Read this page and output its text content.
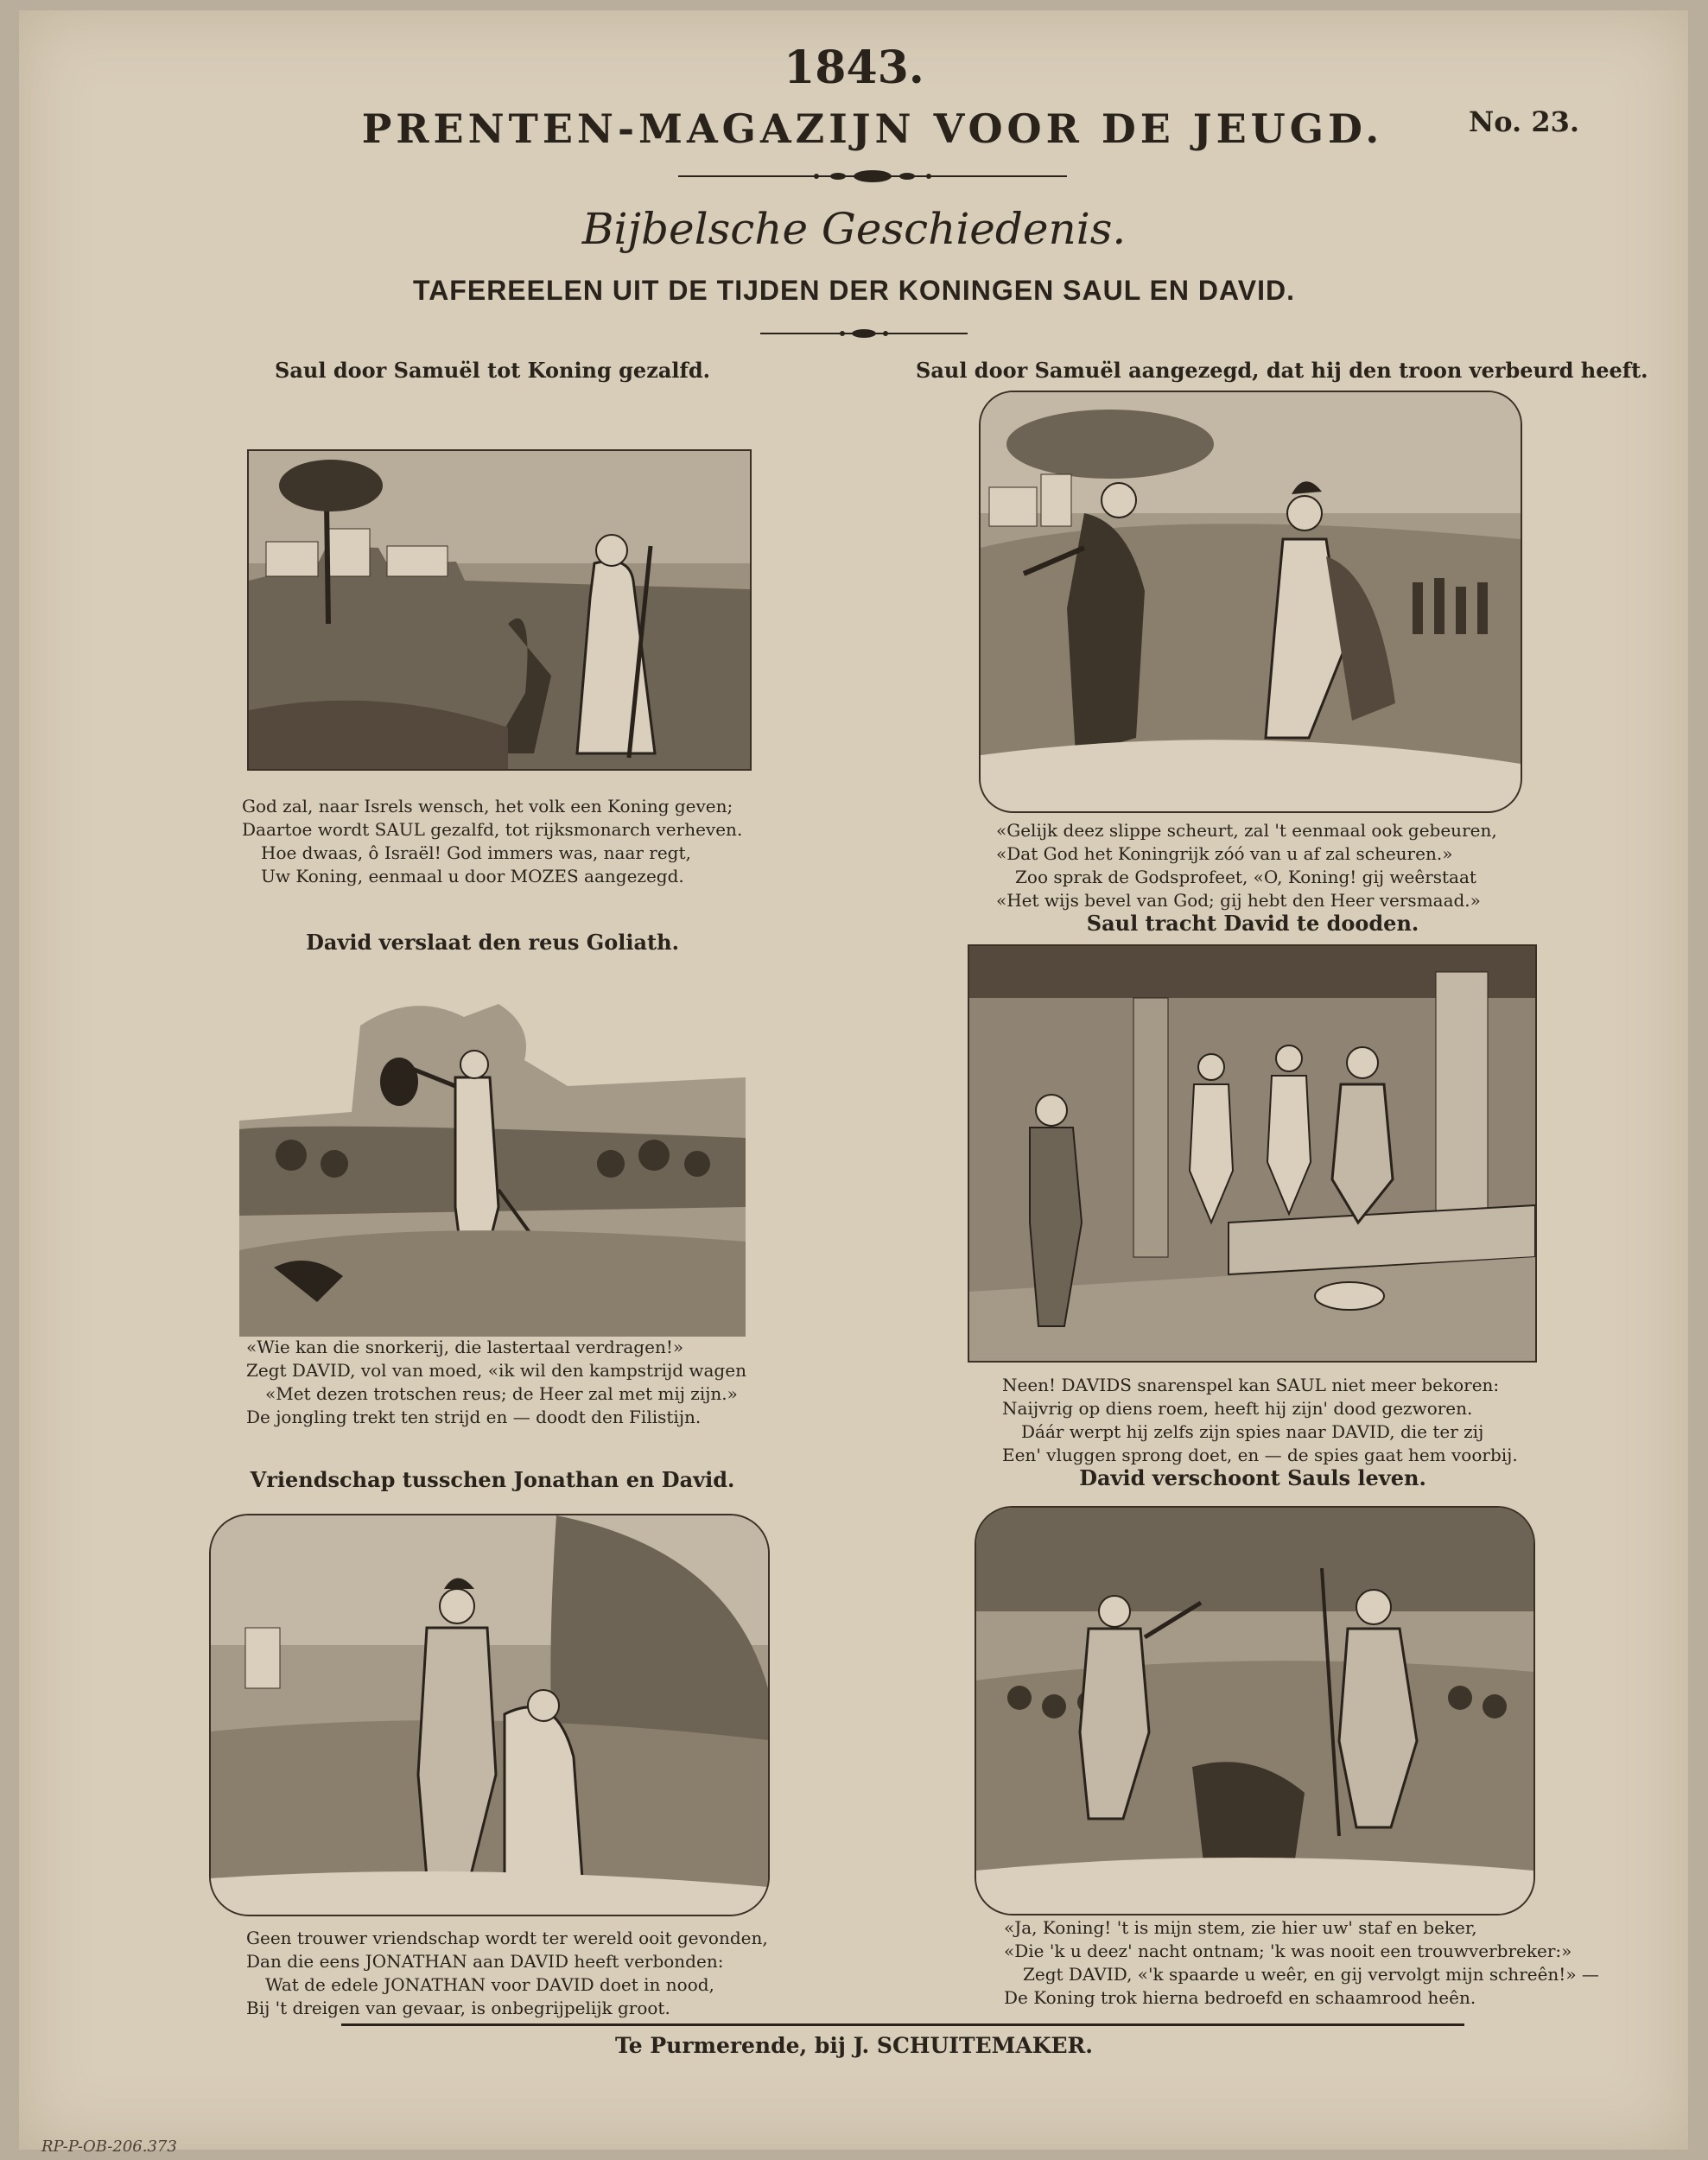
1843.
PRENTEN-MAGAZIJN VOOR DE JEUGD.	No. 23.
Bijbelsche Geschiedenis.
TAFEREELEN UIT DE TIJDEN DER KONINGEN SAUL EN DAVID.
Saul door Samuël tot Koning gezalfd.
God zal, naar Isrels wensch, het volk een Koning geven;
Daartoe wordt SAUL gezalfd, tot rijksmonarch verheven.
Hoe dwaas, ô Israël! God immers was, naar regt,
Uw Koning, eenmaal u door MOZES aangezegd.
Saul door Samuël aangezegd, dat hij den troon verbeurd heeft.
«Gelijk deez slippe scheurt, zal 't eenmaal ook gebeuren,
«Dat God het Koningrijk zóó van u af zal scheuren.»
Zoo sprak de Godsprofeet, «O, Koning! gij weêrstaat
«Het wijs bevel van God; gij hebt den Heer versmaad.»
David verslaat den reus Goliath.
«Wie kan die snorkerij, die lastertaal verdragen!»
Zegt DAVID, vol van moed, «ik wil den kampstrijd wagen
«Met dezen trotschen reus; de Heer zal met mij zijn.»
De jongling trekt ten strijd en — doodt den Filistijn.
Saul tracht David te dooden.
Neen! DAVIDS snarenspel kan SAUL niet meer bekoren:
Naijvrig op diens roem, heeft hij zijn' dood gezworen.
Dáár werpt hij zelfs zijn spies naar DAVID, die ter zij
Een' vluggen sprong doet, en — de spies gaat hem voorbij.
Vriendschap tusschen Jonathan en David.
Geen trouwer vriendschap wordt ter wereld ooit gevonden,
Dan die eens JONATHAN aan DAVID heeft verbonden:
Wat de edele JONATHAN voor DAVID doet in nood,
Bij 't dreigen van gevaar, is onbegrijpelijk groot.
David verschoont Sauls leven.
«Ja, Koning! 't is mijn stem, zie hier uw' staf en beker,
«Die 'k u deez' nacht ontnam; 'k was nooit een trouwverbreker:»
Zegt DAVID, «'k spaarde u weêr, en gij vervolgt mijn schreên!» —
De Koning trok hierna bedroefd en schaamrood heên.
Te Purmerende, bij J. SCHUITEMAKER.
RP-P-OB-206.373
